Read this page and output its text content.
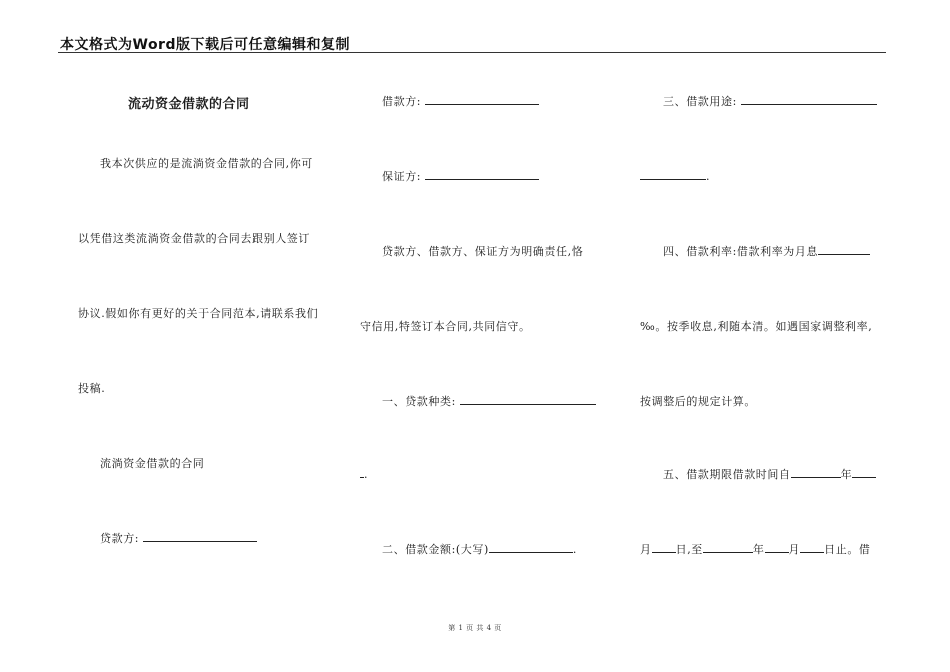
本文格式为Word版下载后可任意编辑和复制
流动资金借款的合同
我本次供应的是流淌资金借款的合同,你可
以凭借这类流淌资金借款的合同去跟别人签订
协议.假如你有更好的关于合同范本,请联系我们
投稿.
流淌资金借款的合同
贷款方:
借款方:
保证方:
贷款方、借款方、保证方为明确责任,恪
守信用,特签订本合同,共同信守。
一、贷款种类:
.
二、借款金额:(大写)	.
三、借款用途:
.
四、借款利率:借款利率为月息
‰。按季收息,利随本清。如遇国家调整利率,
按调整后的规定计算。
五、借款期限借款时间自	年
月 日,至	年 月 日止。借
第 1 页 共 4 页
